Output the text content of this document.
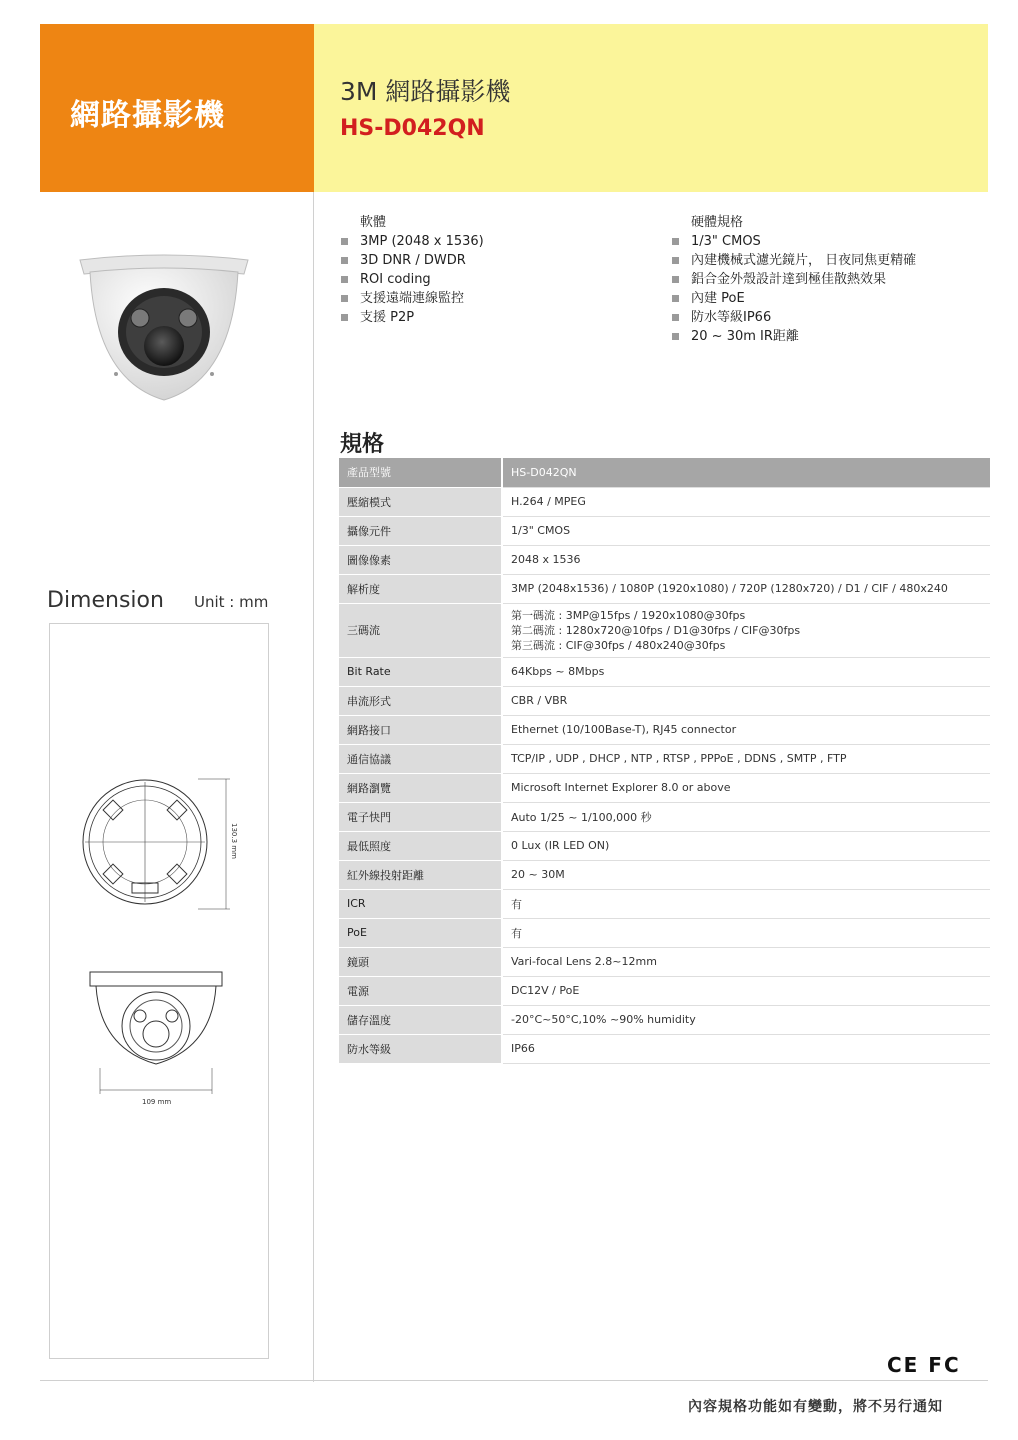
網路攝影機
3M 網路攝影機
HS-D042QN
軟體
3MP (2048 x 1536)
3D DNR / DWDR
ROI coding
支援遠端連線監控
支援 P2P
硬體規格
1/3" CMOS
內建機械式濾光鏡片， 日夜同焦更精確
鋁合金外殼設計達到極佳散熱效果
內建 PoE
防水等級IP66
20 ~ 30m IR距離
規格
產品型號	HS-D042QN
壓縮模式	H.264 / MPEG
攝像元件	1/3" CMOS
圖像像素	2048 x 1536
解析度	3MP (2048x1536) / 1080P (1920x1080) / 720P (1280x720) / D1 / CIF / 480x240
三碼流	第一碼流 : 3MP@15fps / 1920x1080@30fps
第二碼流 : 1280x720@10fps / D1@30fps / CIF@30fps
第三碼流 : CIF@30fps / 480x240@30fps

Bit Rate	64Kbps ~ 8Mbps
串流形式	CBR / VBR
網路接口	Ethernet (10/100Base-T), RJ45 connector
通信協議	TCP/IP , UDP , DHCP , NTP , RTSP , PPPoE , DDNS , SMTP , FTP
網路瀏覽	Microsoft Internet Explorer 8.0 or above
電子快門	Auto 1/25 ~ 1/100,000 秒
最低照度	0 Lux (IR LED ON)
紅外線投射距離	20 ~ 30M
ICR	有
PoE	有
鏡頭	Vari-focal Lens 2.8~12mm
電源	DC12V / PoE
儲存溫度	-20°C~50°C,10% ~90% humidity
防水等級	IP66
Dimension Unit : mm
130.3 mm
109 mm
CE FC
內容規格功能如有變動，將不另行通知
